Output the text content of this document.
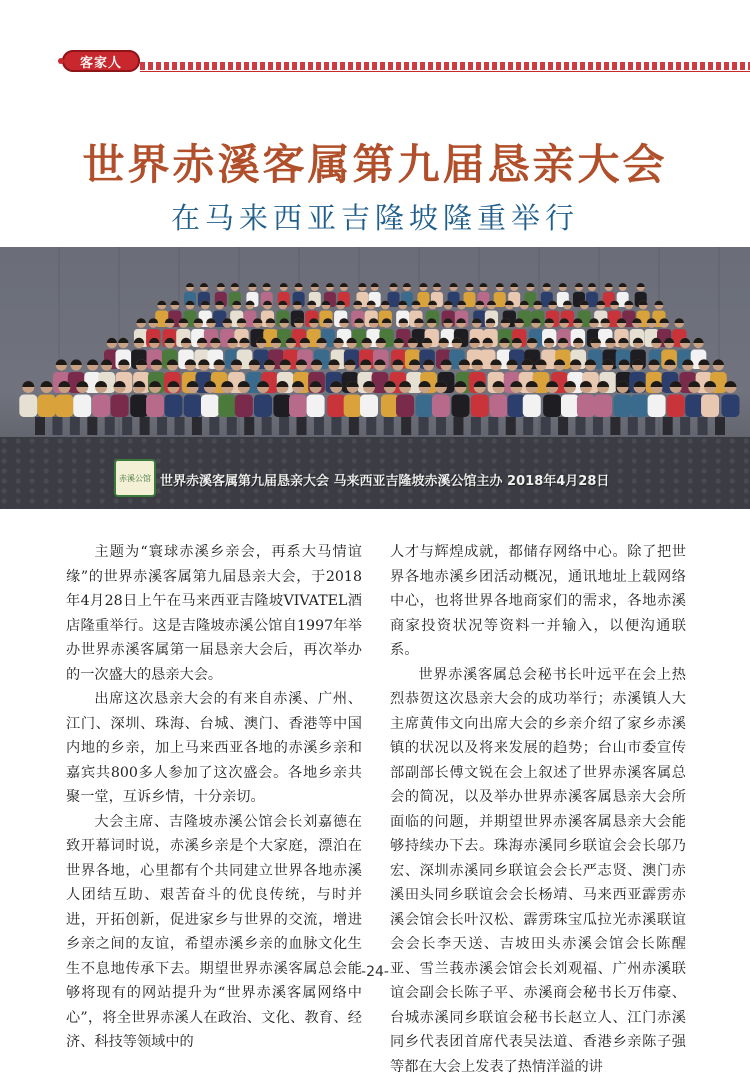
客家人
世界赤溪客属第九届恳亲大会
在马来西亚吉隆坡隆重举行
赤溪公馆 世界赤溪客属第九届恳亲大会 马来西亚吉隆坡赤溪公馆主办 2018年4月28日

主题为“寰球赤溪乡亲会，再系大马情谊缘”的世界赤溪客属第九届恳亲大会，于2018年4月28日上午在马来西亚吉隆坡VIVATEL酒店隆重举行。这是吉隆坡赤溪公馆自1997年举办世界赤溪客属第一届恳亲大会后，再次举办的一次盛大的恳亲大会。

出席这次恳亲大会的有来自赤溪、广州、江门、深圳、珠海、台城、澳门、香港等中国内地的乡亲，加上马来西亚各地的赤溪乡亲和嘉宾共800多人参加了这次盛会。各地乡亲共聚一堂，互诉乡情，十分亲切。

大会主席、吉隆坡赤溪公馆会长刘嘉德在致开幕词时说，赤溪乡亲是个大家庭，漂泊在世界各地，心里都有个共同建立世界各地赤溪人团结互助、艰苦奋斗的优良传统，与时并进，开拓创新，促进家乡与世界的交流，增进乡亲之间的友谊，希望赤溪乡亲的血脉文化生生不息地传承下去。期望世界赤溪客属总会能够将现有的网站提升为“世界赤溪客属网络中心”，将全世界赤溪人在政治、文化、教育、经济、科技等领域中的

人才与辉煌成就，都储存网络中心。除了把世界各地赤溪乡团活动概况，通讯地址上载网络中心，也将世界各地商家们的需求，各地赤溪商家投资状况等资料一并输入，以便沟通联系。

世界赤溪客属总会秘书长叶远平在会上热烈恭贺这次恳亲大会的成功举行；赤溪镇人大主席黄伟文向出席大会的乡亲介绍了家乡赤溪镇的状况以及将来发展的趋势；台山市委宣传部副部长傅文锐在会上叙述了世界赤溪客属总会的简况，以及举办世界赤溪客属恳亲大会所面临的问题，并期望世界赤溪客属恳亲大会能够持续办下去。珠海赤溪同乡联谊会会长邬乃宏、深圳赤溪同乡联谊会会长严志贤、澳门赤溪田头同乡联谊会会长杨靖、马来西亚霹雳赤溪会馆会长叶汉松、霹雳珠宝瓜拉光赤溪联谊会会长李天送、吉坡田头赤溪会馆会长陈醒亚、雪兰莪赤溪会馆会长刘观福、广州赤溪联谊会副会长陈子平、赤溪商会秘书长万伟豪、台城赤溪同乡联谊会秘书长赵立人、江门赤溪同乡代表团首席代表吴法道、香港乡亲陈子强等都在大会上发表了热情洋溢的讲

-24-
